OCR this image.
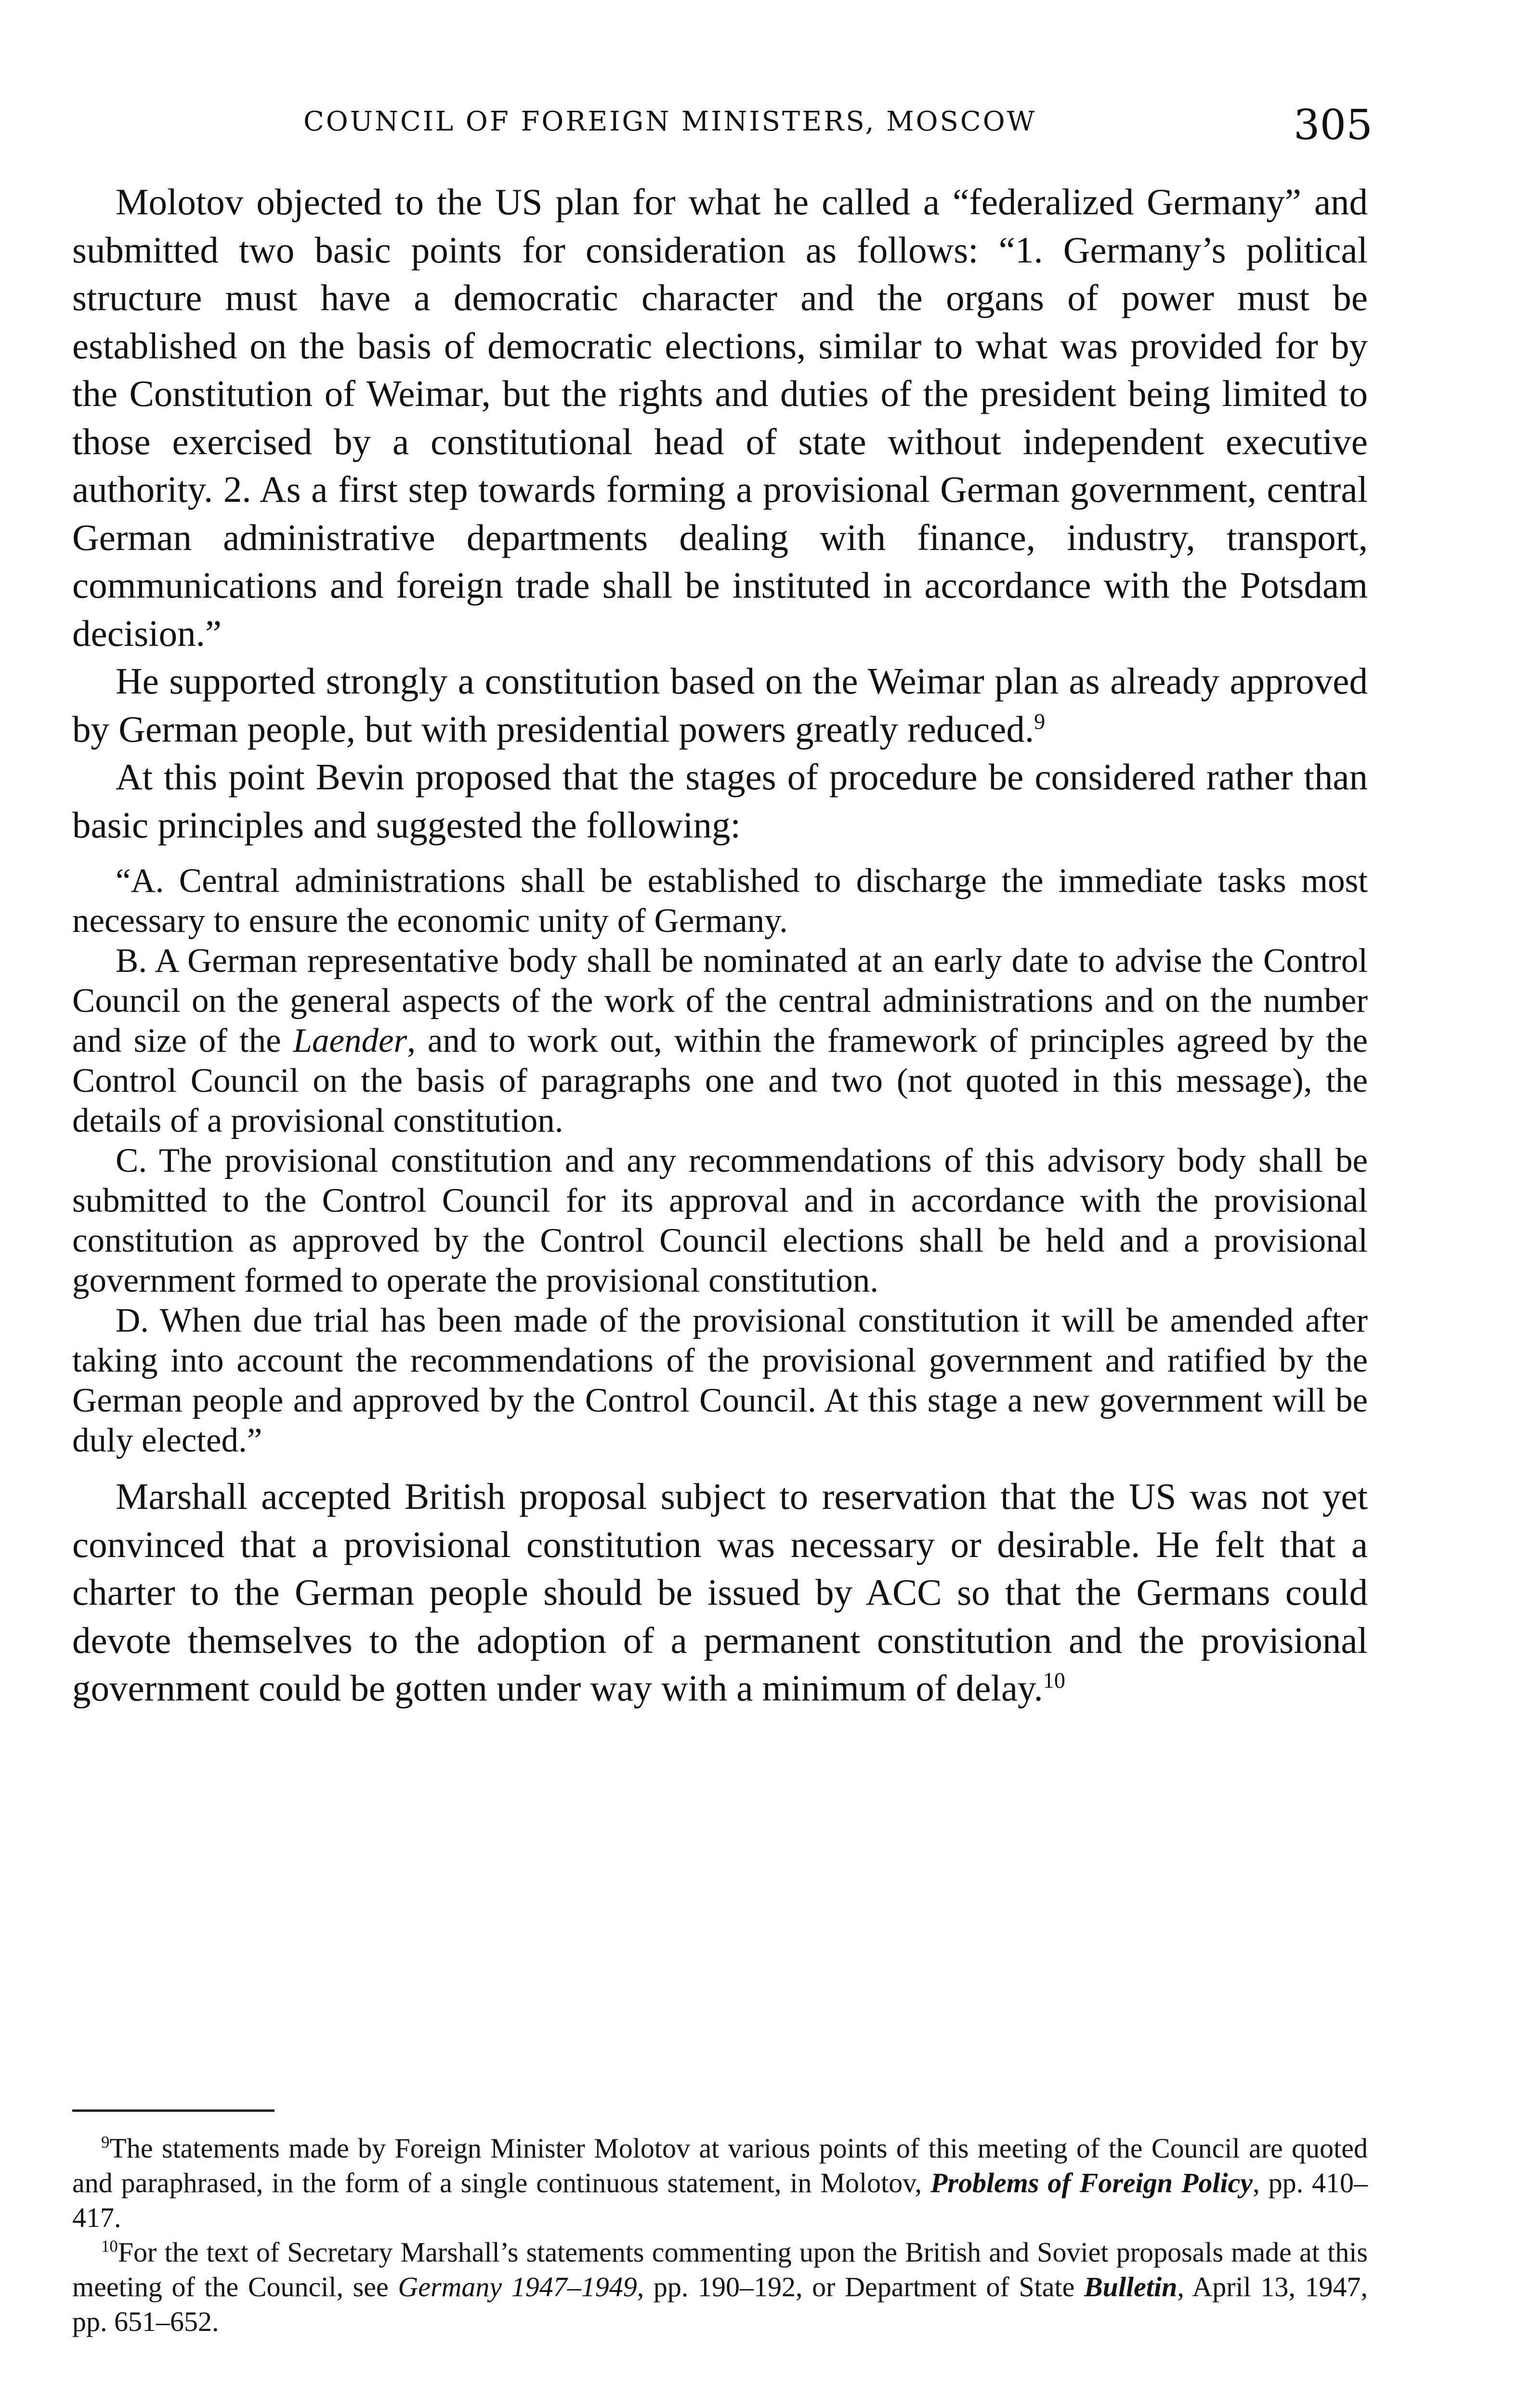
COUNCIL OF FOREIGN MINISTERS, MOSCOW	305

Molotov objected to the US plan for what he called a “federalized Germany” and submitted two basic points for consideration as follows: “1. Germany’s political structure must have a democratic character and the organs of power must be established on the basis of democratic elections, similar to what was provided for by the Constitution of Weimar, but the rights and duties of the president being limited to those exercised by a constitutional head of state without independent executive authority. 2. As a first step towards forming a provisional German government, central German administrative departments dealing with finance, industry, transport, communications and foreign trade shall be instituted in accordance with the Potsdam decision.”

He supported strongly a constitution based on the Weimar plan as already approved by German people, but with presidential powers greatly reduced.$^9$

At this point Bevin proposed that the stages of procedure be considered rather than basic principles and suggested the following:

“A. Central administrations shall be established to discharge the immediate tasks most necessary to ensure the economic unity of Germany.

B. A German representative body shall be nominated at an early date to advise the Control Council on the general aspects of the work of the central administrations and on the number and size of the Laender, and to work out, within the framework of principles agreed by the Control Council on the basis of paragraphs one and two (not quoted in this message), the details of a provisional constitution.

C. The provisional constitution and any recommendations of this advisory body shall be submitted to the Control Council for its approval and in accordance with the provisional constitution as approved by the Control Council elections shall be held and a provisional government formed to operate the provisional constitution.

D. When due trial has been made of the provisional constitution it will be amended after taking into account the recommendations of the provisional government and ratified by the German people and approved by the Control Council. At this stage a new government will be duly elected.”

Marshall accepted British proposal subject to reservation that the US was not yet convinced that a provisional constitution was necessary or desirable. He felt that a charter to the German people should be issued by ACC so that the Germans could devote themselves to the adoption of a permanent constitution and the provisional government could be gotten under way with a minimum of delay.$^{10}$

$^9$The statements made by Foreign Minister Molotov at various points of this meeting of the Council are quoted and paraphrased, in the form of a single continuous statement, in Molotov, Problems of Foreign Policy, pp. 410–417.

$^{10}$For the text of Secretary Marshall’s statements commenting upon the British and Soviet proposals made at this meeting of the Council, see Germany 1947–1949, pp. 190–192, or Department of State Bulletin, April 13, 1947, pp. 651–652.
